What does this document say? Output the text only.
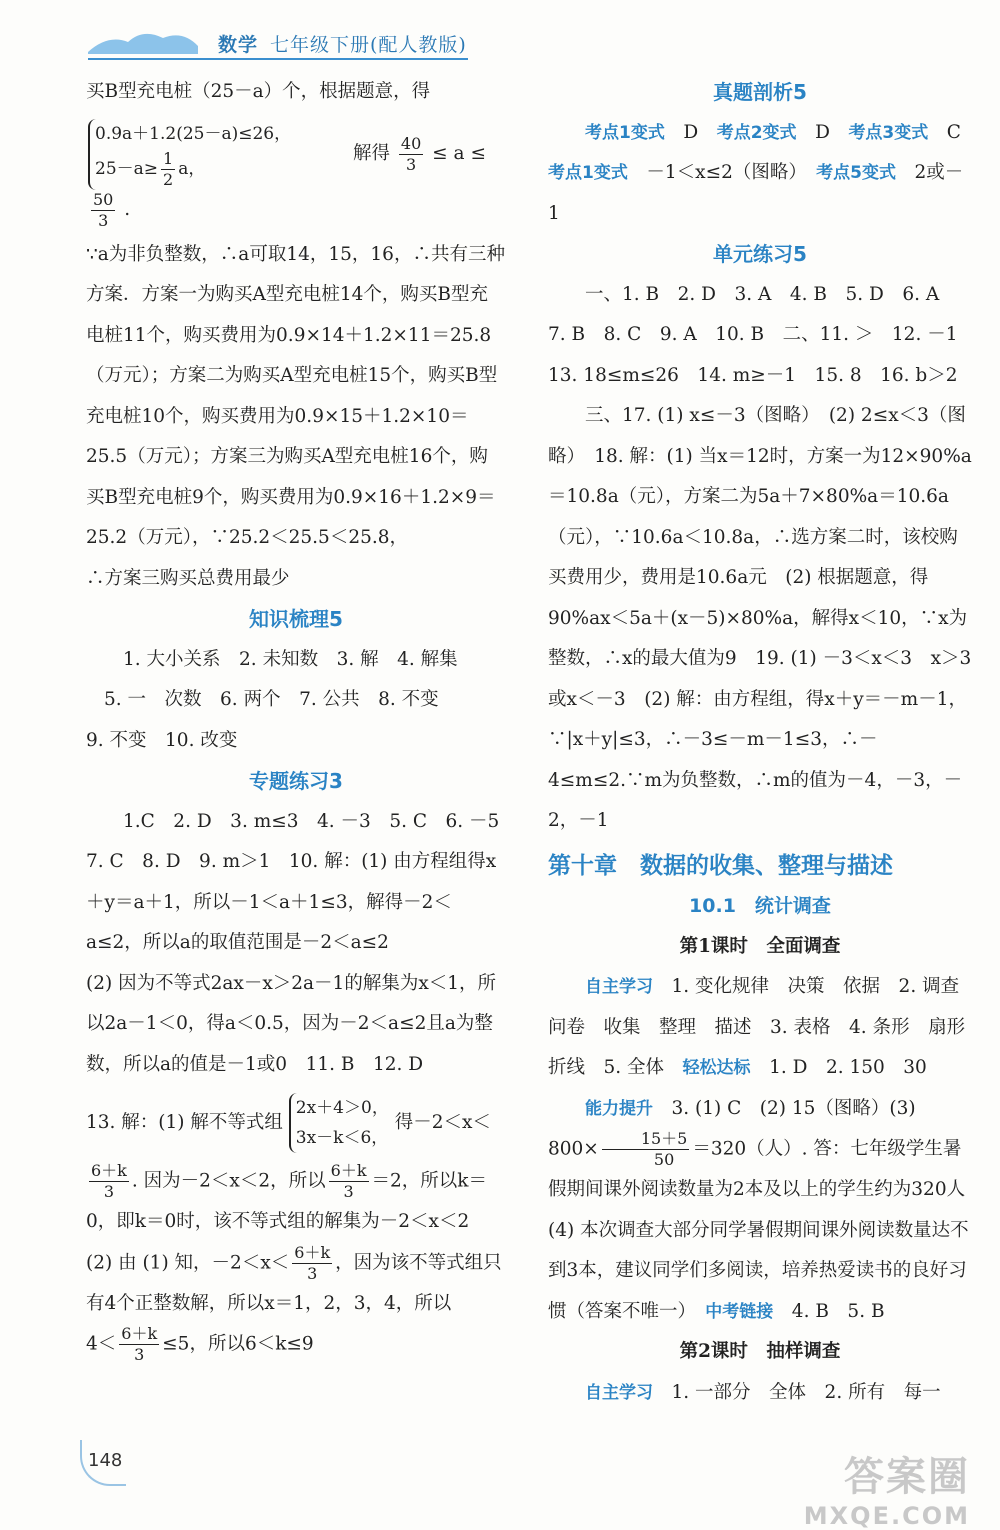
数学 七年级下册(配人教版)

买B型充电桩（25－a）个，根据题意，得

0.9a＋1.2(25－a)≤26，
$25-a\ge \frac{1}{2}$ a，
解得 $\frac{40}{3} \le a$ ≤
$\frac{50}{3}$ .

∵a为非负整数，∴a可取14，15，16，∴共有三种方案．方案一为购买A型充电桩14个，购买B型充电桩11个，购买费用为0.9×14＋1.2×11＝25.8（万元）；方案二为购买A型充电桩15个，购买B型充电桩10个，购买费用为0.9×15＋1.2×10＝25.5（万元）；方案三为购买A型充电桩16个，购买B型充电桩9个，购买费用为0.9×16＋1.2×9＝25.2（万元），∵25.2＜25.5＜25.8，

∴方案三购买总费用最少

知识梳理5

1. 大小关系　2. 未知数　3. 解　4. 解集

5. 一　次数　6. 两个　7. 公共　8. 不变

9. 不变　10. 改变

专题练习3

1.C　2. D　3. m≤3　4. －3　5. C　6. －5　7. C　8. D　9. m＞1　10. 解：(1) 由方程组得x＋y＝a＋1，所以－1＜a＋1≤3，解得－2＜a≤2，所以a的取值范围是－2＜a≤2

(2) 因为不等式2ax－x＞2a－1的解集为x＜1，所以2a－1＜0，得a＜0.5，因为－2＜a≤2且a为整数，所以a的值是－1或0　11. B　12. D

13. 解：(1) 解不等式组
2x＋4＞0，
3x－k＜6，
得－2＜x＜

$\frac{6+k}{3}$ . 因为－2＜x＜2，所以 $\frac{6+k}{3} =2$，所以k＝0，即k＝0时，该不等式组的解集为－2＜x＜2

(2) 由 (1) 知，$-2<x< \frac{6+k}{3}$ ，因为该不等式组只有4个正整数解，所以x＝1，2，3，4，所以

$4< \frac{6+k}{3} \le 5$，所以6＜k≤9

真题剖析5

考点1变式　 D　 考点2变式　 D　 考点3变式　 C　考点1变式　 －1＜x≤2（图略）　 考点5变式　 2或－1

单元练习5

一、1. B　2. D　3. A　4. B　5. D　6. A　7. B　8. C　9. A　10. B　二、11. ＞　12. －1　13. 18≤m≤26　14. m≥－1　15. 8　16. b＞2

三、17. (1) x≤－3（图略）　(2) 2≤x＜3（图略）　18. 解：(1) 当x＝12时，方案一为12×90%a＝10.8a（元），方案二为5a＋7×80%a＝10.6a（元），∵10.6a＜10.8a，∴选方案二时，该校购买费用少，费用是10.6a元　(2) 根据题意，得90%ax＜5a＋(x－5)×80%a，解得x＜10，∵x为整数，∴x的最大值为9　19. (1) －3＜x＜3　x＞3或x＜－3　(2) 解：由方程组，得x＋y＝－m－1，∵|x＋y|≤3，∴－3≤－m－1≤3，∴－4≤m≤2.∵m为负整数，∴m的值为－4，－3，－2，－1

第十章　数据的收集、整理与描述

10.1　统计调查

第1课时　全面调查

自主学习　 1. 变化规律　决策　依据　2. 调查问卷　收集　整理　描述　3. 表格　4. 条形　扇形　折线　5. 全体　 轻松达标　 1. D　2. 150　30

能力提升　 3. (1) C　(2) 15（图略）(3) $800\times \frac{15+5}{50} =320$（人）. 答：七年级学生暑假期间课外阅读数量为2本及以上的学生约为320人　(4) 本次调查大部分同学暑假期间课外阅读数量达不到3本，建议同学们多阅读，培养热爱读书的良好习惯（答案不唯一）　 中考链接　 4. B　5. B

第2课时　抽样调查

自主学习　 1. 一部分　全体　2. 所有　每一

148	答案圈
MXQE.COM
